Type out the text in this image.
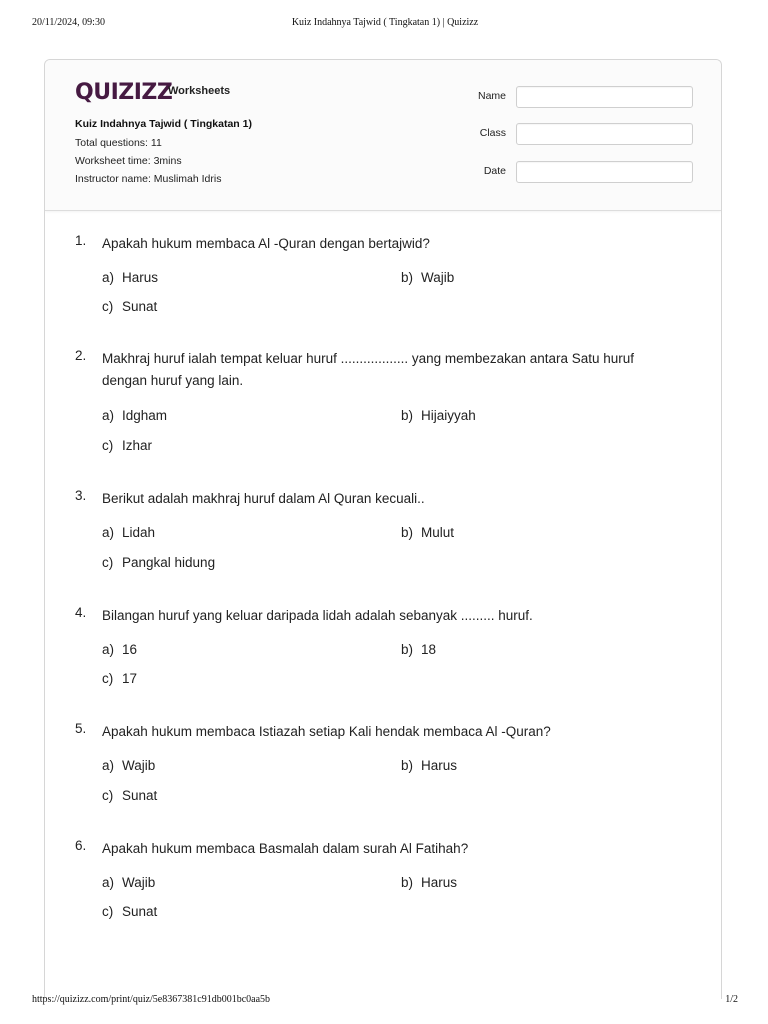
20/11/2024, 09:30	Kuiz Indahnya Tajwid ( Tingkatan 1) | Quizizz
QUIZIZZ
Worksheets
Kuiz Indahnya Tajwid ( Tingkatan 1)
Total questions: 11
Worksheet time: 3mins
Instructor name: Muslimah Idris
Name
Class
Date
1. Apakah hukum membaca Al -Quran dengan bertajwid?
a) Harus	b) Wajib
c) Sunat
2. Makhraj huruf ialah tempat keluar huruf .................. yang membezakan antara Satu huruf dengan huruf yang lain.
a) Idgham	b) Hijaiyyah
c) Izhar
3. Berikut adalah makhraj huruf dalam Al Quran kecuali..
a) Lidah	b) Mulut
c) Pangkal hidung
4. Bilangan huruf yang keluar daripada lidah adalah sebanyak ......... huruf.
a) 16	b) 18
c) 17
5. Apakah hukum membaca Istiazah setiap Kali hendak membaca Al -Quran?
a) Wajib	b) Harus
c) Sunat
6. Apakah hukum membaca Basmalah dalam surah Al Fatihah?
a) Wajib	b) Harus
c) Sunat
https://quizizz.com/print/quiz/5e8367381c91db001bc0aa5b	1/2
